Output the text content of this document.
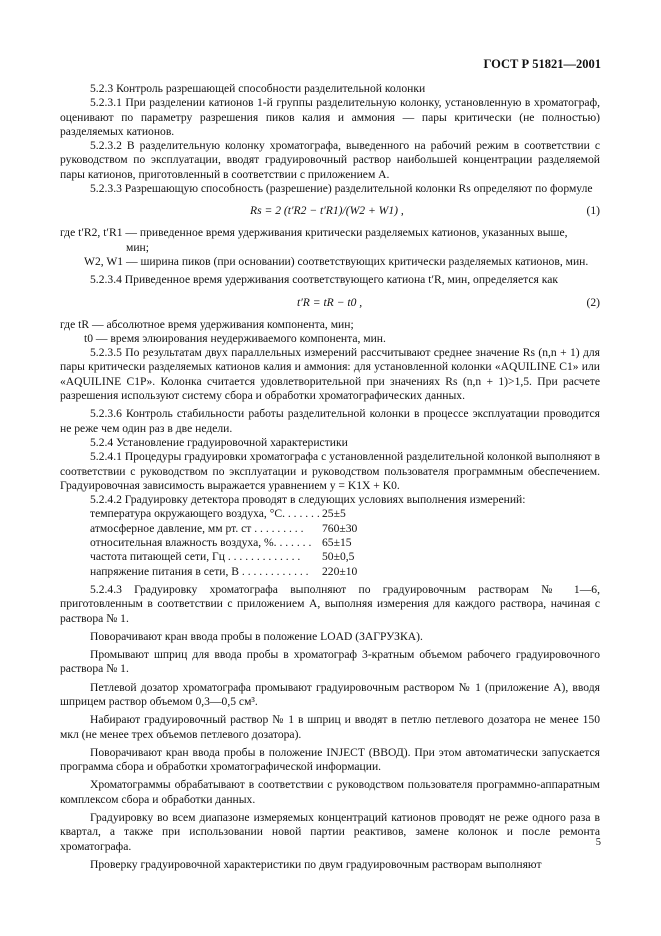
ГОСТ Р 51821—2001

5.2.3 Контроль разрешающей способности разделительной колонки

5.2.3.1 При разделении катионов 1-й группы разделительную колонку, установленную в хроматограф, оценивают по параметру разрешения пиков калия и аммония — пары критически (не полностью) разделяемых катионов.

5.2.3.2 В разделительную колонку хроматографа, выведенного на рабочий режим в соответствии с руководством по эксплуатации, вводят градуировочный раствор наибольшей концентрации разделяемой пары катионов, приготовленный в соответствии с приложением А.

5.2.3.3 Разрешающую способность (разрешение) разделительной колонки Rs определяют по формуле

Rs = 2 (t′R2 − t′R1)/(W2 + W1) ,	(1)

где t′R2, t′R1 — приведенное время удерживания критически разделяемых катионов, указанных выше,

мин;

W2, W1 — ширина пиков (при основании) соответствующих критически разделяемых катионов, мин.

5.2.3.4 Приведенное время удерживания соответствующего катиона t′R, мин, определяется как

t′R = tR − t0 ,	(2)

где tR — абсолютное время удерживания компонента, мин;

t0 — время элюирования неудерживаемого компонента, мин.

5.2.3.5 По результатам двух параллельных измерений рассчитывают среднее значение Rs (n,n + 1) для пары критически разделяемых катионов калия и аммония: для установленной колонки «AQUILINE C1» или «AQUILINE C1P». Колонка считается удовлетворительной при значениях Rs (n,n + 1)>1,5. При расчете разрешения используют систему сбора и обработки хроматографических данных.

5.2.3.6 Контроль стабильности работы разделительной колонки в процессе эксплуатации проводится не реже чем один раз в две недели.

5.2.4 Установление градуировочной характеристики

5.2.4.1 Процедуры градуировки хроматографа с установленной разделительной колонкой выполняют в соответствии с руководством по эксплуатации и руководством пользователя программным обеспечением. Градуировочная зависимость выражается уравнением y = K1X + K0.

5.2.4.2 Градуировку детектора проводят в следующих условиях выполнения измерений:

температура окружающего воздуха, °С. . . . . . . 25±5
атмосферное давление, мм рт. ст . . . . . . . . .	760±30
относительная влажность воздуха, %. . . . . . . 65±15
частота питающей сети, Гц . . . . . . . . . . . . .	50±0,5
напряжение питания в сети, В . . . . . . . . . . . .	220±10

5.2.4.3 Градуировку хроматографа выполняют по градуировочным растворам № 1—6, приготовленным в соответствии с приложением А, выполняя измерения для каждого раствора, начиная с раствора № 1.

Поворачивают кран ввода пробы в положение LOAD (ЗАГРУЗКА).

Промывают шприц для ввода пробы в хроматограф 3-кратным объемом рабочего градуировочного раствора № 1.

Петлевой дозатор хроматографа промывают градуировочным раствором № 1 (приложение А), вводя шприцем раствор объемом 0,3—0,5 см³.

Набирают градуировочный раствор № 1 в шприц и вводят в петлю петлевого дозатора не менее 150 мкл (не менее трех объемов петлевого дозатора).

Поворачивают кран ввода пробы в положение INJECT (ВВОД). При этом автоматически запускается программа сбора и обработки хроматографической информации.

Хроматограммы обрабатывают в соответствии с руководством пользователя программно-аппаратным комплексом сбора и обработки данных.

Градуировку во всем диапазоне измеряемых концентраций катионов проводят не реже одного раза в квартал, а также при использовании новой партии реактивов, замене колонок и после ремонта хроматографа.

Проверку градуировочной характеристики по двум градуировочным растворам выполняют

5
